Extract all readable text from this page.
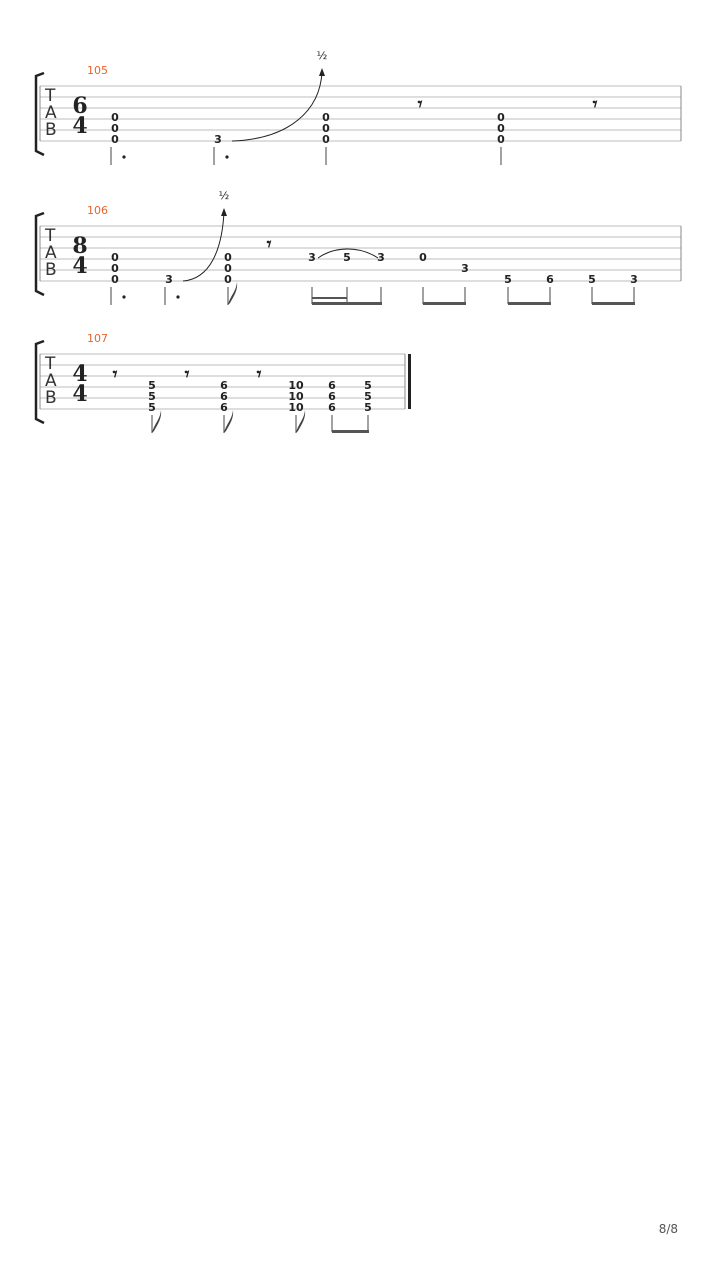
105
T
A
B
6
4 0
0
0	3
0
0
0
0
0
0
𝄾	𝄾
½
106
T
A
B
8
4 0
0
0	3
0
0
0
3 5 3	0
3
5	6	5	3
𝄾
½
107
T
A
B
4
4
𝄾	𝄾	𝄾
5
5
5
6
6
6
10
10
10
6
6
6
5
5
5
8/8
